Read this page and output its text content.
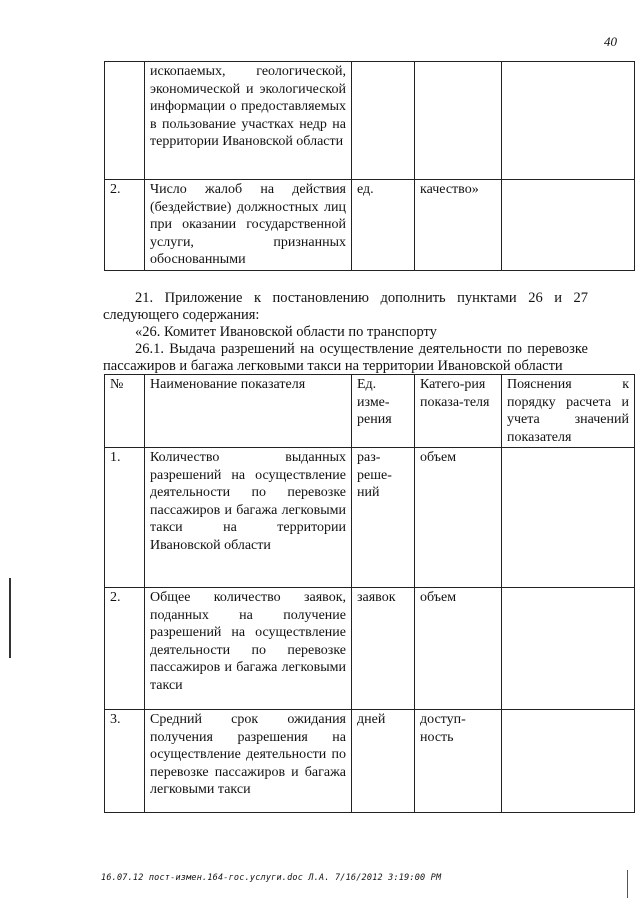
40
	ископаемых, геологической, экономической и экологической информации о предоставляемых в пользование участках недр на территории Ивановской области			
2.	Число жалоб на действия (бездействие) должностных лиц при оказании государственной услуги, признанных обоснованными	ед.	качество»	
21. Приложение к постановлению дополнить пунктами 26 и 27 следующего содержания:
«26. Комитет Ивановской области по транспорту
26.1. Выдача разрешений на осуществление деятельности по перевозке пассажиров и багажа легковыми такси на территории Ивановской области
№	Наименование показателя	Ед. изме-рения	Катего-рия показа-теля	Пояснения к порядку расчета и учета значений показателя
1.	Количество выданных разрешений на осуществление деятельности по перевозке пассажиров и багажа легковыми такси на территории Ивановской области	раз-реше-ний	объем	
2.	Общее количество заявок, поданных на получение разрешений на осуществление деятельности по перевозке пассажиров и багажа легковыми такси	заявок	объем	
3.	Средний срок ожидания получения разрешения на осуществление деятельности по перевозке пассажиров и багажа легковыми такси	дней	доступ-ность	
16.07.12 пост-измен.164-гос.услуги.doc Л.А. 7/16/2012 3:19:00 PM
